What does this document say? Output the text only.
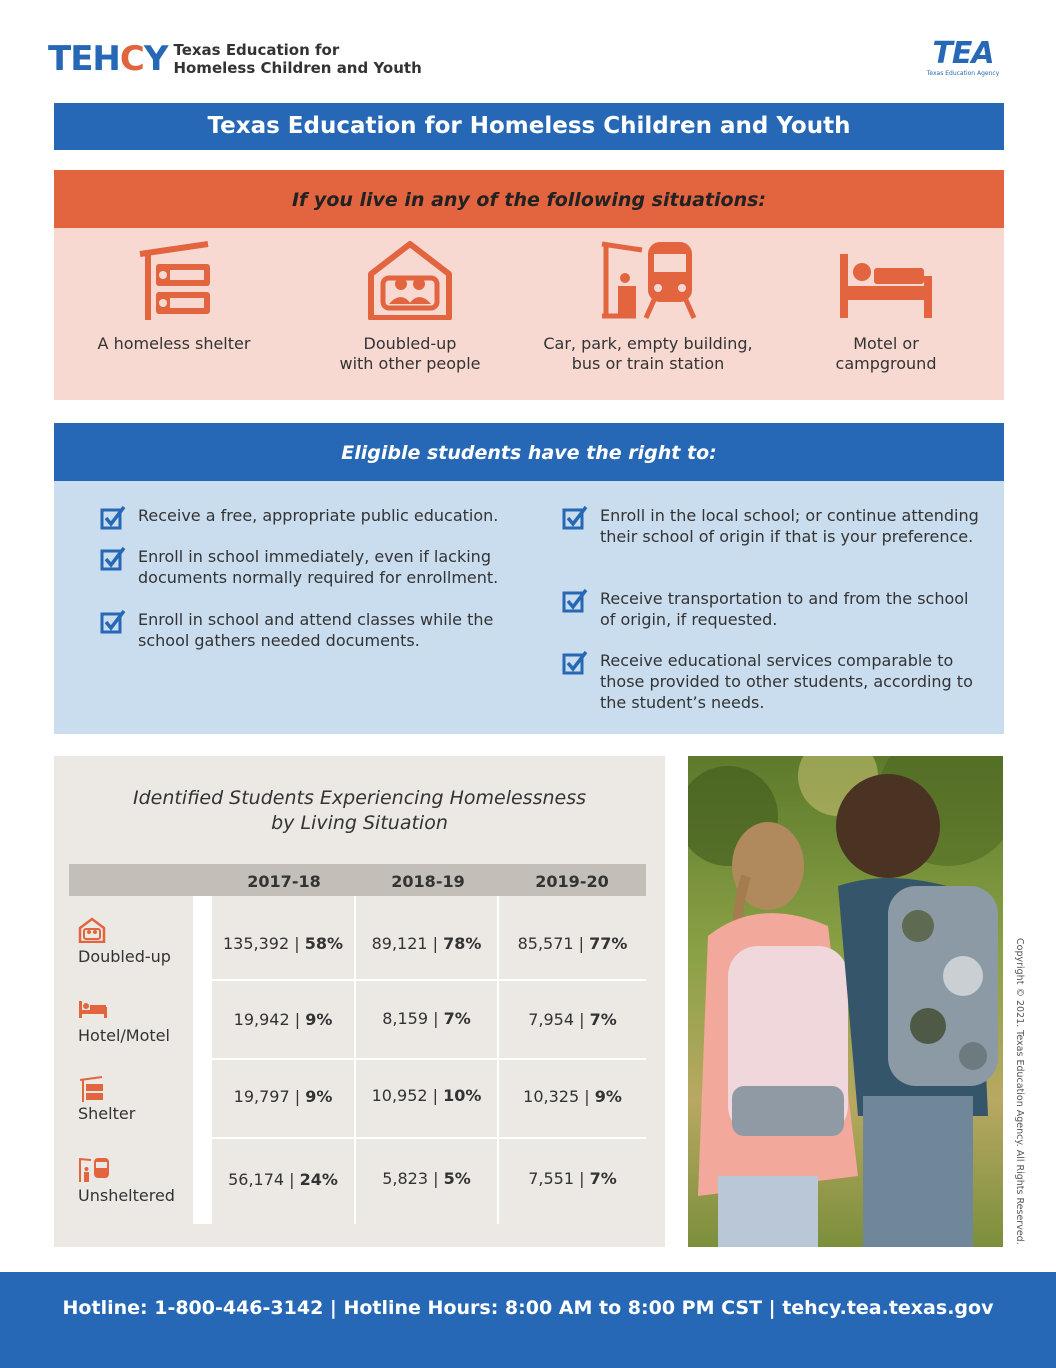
TEHCY Texas Education for
Homeless Children and Youth	TEA
Texas Education Agency
Texas Education for Homeless Children and Youth
If you live in any of the following situations:
A homeless shelter	Doubled-up
with other people
Car, park, empty building,
bus or train station
Motel or
campground
Eligible students have the right to:
Receive a free, appropriate public education.
Enroll in school immediately, even if lacking documents normally required for enrollment.
Enroll in school and attend classes while the school gathers needed documents.
Enroll in the local school; or continue attending their school of origin if that is your preference.
Receive transportation to and from the school of origin, if requested.
Receive educational services comparable to those provided to other students, according to the student’s needs.
Identified Students Experiencing Homelessness
by Living Situation
2017-18	2018-19	2019-20
Doubled-up
135,392 | 58%	89,121 | 78%	85,571 | 77%
Hotel/Motel
19,942 | 9%	8,159 | 7%	7,954 | 7%
Shelter
19,797 | 9%	10,952 | 10%	10,325 | 9%
Unsheltered
56,174 | 24%	5,823 | 5%	7,551 | 7%	Copyright © 2021. Texas Education Agency. All Rights Reserved.
Hotline: 1-800-446-3142 | Hotline Hours: 8:00 AM to 8:00 PM CST | tehcy.tea.texas.gov
